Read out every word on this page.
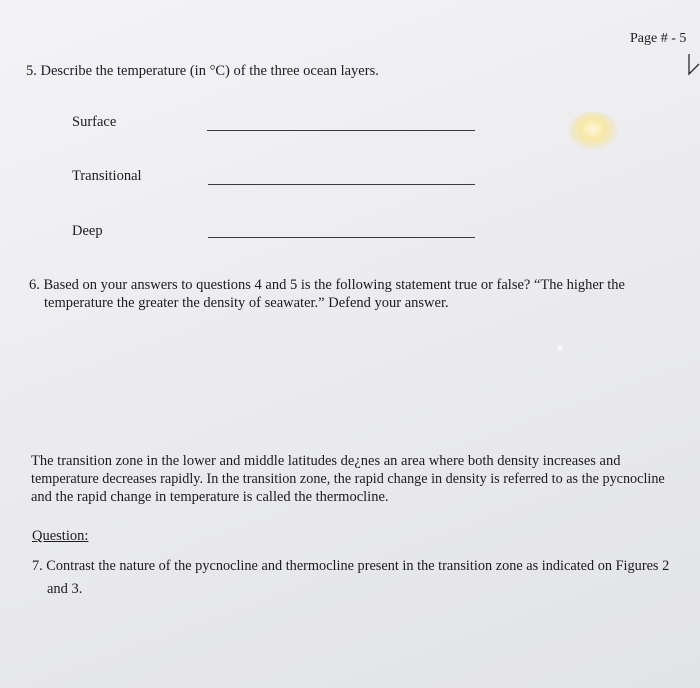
Page # - 5
5. Describe the temperature (in °C) of the three ocean layers.
Surface
Transitional
Deep
6. Based on your answers to questions 4 and 5 is the following statement true or false? “The higher the
temperature the greater the density of seawater.” Defend your answer.
The transition zone in the lower and middle latitudes de¿nes an area where both density increases and
temperature decreases rapidly. In the transition zone, the rapid change in density is referred to as the pycnocline
and the rapid change in temperature is called the thermocline.
Question:
7. Contrast the nature of the pycnocline and thermocline present in the transition zone as indicated on Figures 2
and 3.
